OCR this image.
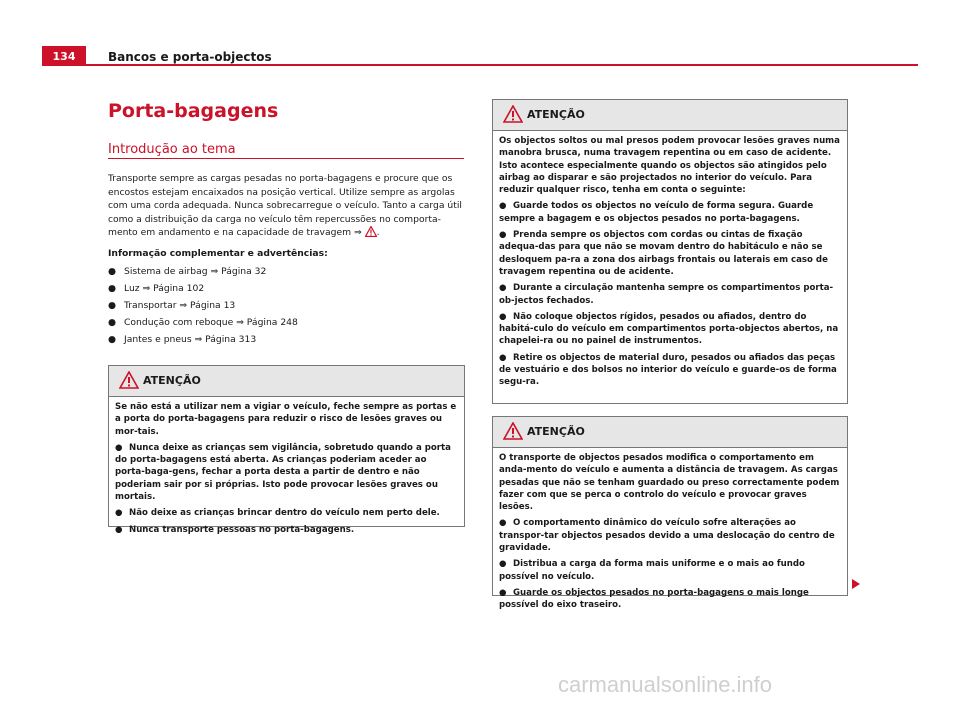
134	Bancos e porta-objectos
Porta-bagagens
Introdução ao tema

Transporte sempre as cargas pesadas no porta-bagagens e procure que os encostos estejam encaixados na posição vertical. Utilize sempre as argolas com uma corda adequada. Nunca sobrecarregue o veículo. Tanto a carga útil como a distribuição da carga no veículo têm repercussões no comporta-mento em andamento e na capacidade de travagem ⇒ .

Informação complementar e advertências:
● Sistema de airbag ⇒ Página 32
● Luz ⇒ Página 102
● Transportar ⇒ Página 13
● Condução com reboque ⇒ Página 248
● Jantes e pneus ⇒ Página 313
ATENÇÃO

Se não está a utilizar nem a vigiar o veículo, feche sempre as portas e a porta do porta-bagagens para reduzir o risco de lesões graves ou mor-tais.

● Nunca deixe as crianças sem vigilância, sobretudo quando a porta do porta-bagagens está aberta. As crianças poderiam aceder ao porta-baga-gens, fechar a porta desta a partir de dentro e não poderiam sair por si próprias. Isto pode provocar lesões graves ou mortais.

● Não deixe as crianças brincar dentro do veículo nem perto dele.

● Nunca transporte pessoas no porta-bagagens.

ATENÇÃO

Os objectos soltos ou mal presos podem provocar lesões graves numa manobra brusca, numa travagem repentina ou em caso de acidente. Isto acontece especialmente quando os objectos são atingidos pelo airbag ao disparar e são projectados no interior do veículo. Para reduzir qualquer risco, tenha em conta o seguinte:

● Guarde todos os objectos no veículo de forma segura. Guarde sempre a bagagem e os objectos pesados no porta-bagagens.

● Prenda sempre os objectos com cordas ou cintas de fixação adequa-das para que não se movam dentro do habitáculo e não se desloquem pa-ra a zona dos airbags frontais ou laterais em caso de travagem repentina ou de acidente.

● Durante a circulação mantenha sempre os compartimentos porta-ob-jectos fechados.

● Não coloque objectos rígidos, pesados ou afiados, dentro do habitá-culo do veículo em compartimentos porta-objectos abertos, na chapelei-ra ou no painel de instrumentos.

● Retire os objectos de material duro, pesados ou afiados das peças de vestuário e dos bolsos no interior do veículo e guarde-os de forma segu-ra.

ATENÇÃO

O transporte de objectos pesados modifica o comportamento em anda-mento do veículo e aumenta a distância de travagem. As cargas pesadas que não se tenham guardado ou preso correctamente podem fazer com que se perca o controlo do veículo e provocar graves lesões.

● O comportamento dinâmico do veículo sofre alterações ao transpor-tar objectos pesados devido a uma deslocação do centro de gravidade.

● Distribua a carga da forma mais uniforme e o mais ao fundo possível no veículo.

● Guarde os objectos pesados no porta-bagagens o mais longe possível do eixo traseiro.

carmanualsonline.info
